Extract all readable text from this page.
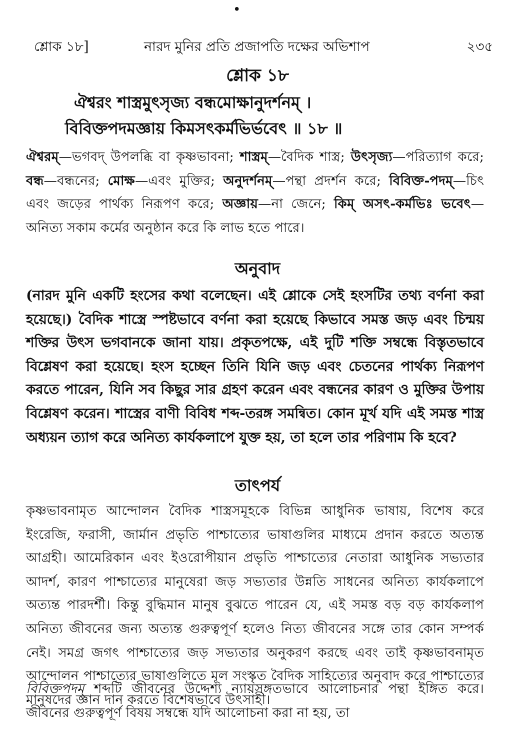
•
শ্লোক ১৮]	নারদ মুনির প্রতি প্রজাপতি দক্ষের অভিশাপ	২৩৫
শ্লোক ১৮
ঐশ্বরং শাস্ত্রমুৎসৃজ্য বন্ধমোক্ষানুদর্শনম্ ।
বিবিক্তপদমজ্ঞায় কিমসৎকর্মভির্ভবেৎ ॥ ১৮ ॥

ঐশ্বরম্—ভগবদ্ উপলব্ধি বা কৃষ্ণভাবনা; শাস্ত্রম্—বৈদিক শাস্ত্র; উৎসৃজ্য—পরিত্যাগ করে; বন্ধ—বন্ধনের; মোক্ষ—এবং মুক্তির; অনুদর্শনম্—পন্থা প্রদর্শন করে; বিবিক্ত-পদম্—চিৎ এবং জড়ের পার্থক্য নিরূপণ করে; অজ্ঞায়—না জেনে; কিম্ অসৎ-কর্মভিঃ ভবেৎ—অনিত্য সকাম কর্মের অনুষ্ঠান করে কি লাভ হতে পারে।

অনুবাদ

(নারদ মুনি একটি হংসের কথা বলেছেন। এই শ্লোকে সেই হংসটির তথ্য বর্ণনা করা হয়েছে।) বৈদিক শাস্ত্রে স্পষ্টভাবে বর্ণনা করা হয়েছে কিভাবে সমস্ত জড় এবং চিন্ময় শক্তির উৎস ভগবানকে জানা যায়। প্রকৃতপক্ষে, এই দুটি শক্তি সম্বন্ধে বিস্তৃতভাবে বিশ্লেষণ করা হয়েছে। হংস হচ্ছেন তিনি যিনি জড় এবং চেতনের পার্থক্য নিরূপণ করতে পারেন, যিনি সব কিছুর সার গ্রহণ করেন এবং বন্ধনের কারণ ও মুক্তির উপায় বিশ্লেষণ করেন। শাস্ত্রের বাণী বিবিধ শব্দ-তরঙ্গ সমন্বিত। কোন মূর্খ যদি এই সমস্ত শাস্ত্র অধ্যয়ন ত্যাগ করে অনিত্য কার্যকলাপে যুক্ত হয়, তা হলে তার পরিণাম কি হবে?

তাৎপর্য

কৃষ্ণভাবনামৃত আন্দোলন বৈদিক শাস্ত্রসমূহকে বিভিন্ন আধুনিক ভাষায়, বিশেষ করে ইংরেজি, ফরাসী, জার্মান প্রভৃতি পাশ্চাত্যের ভাষাগুলির মাধ্যমে প্রদান করতে অত্যন্ত আগ্রহী। আমেরিকান এবং ইওরোপীয়ান প্রভৃতি পাশ্চাত্যের নেতারা আধুনিক সভ্যতার আদর্শ, কারণ পাশ্চাত্যের মানুষেরা জড় সভ্যতার উন্নতি সাধনের অনিত্য কার্যকলাপে অত্যন্ত পারদর্শী। কিন্তু বুদ্ধিমান মানুষ বুঝতে পারেন যে, এই সমস্ত বড় বড় কার্যকলাপ অনিত্য জীবনের জন্য অত্যন্ত গুরুত্বপূর্ণ হলেও নিত্য জীবনের সঙ্গে তার কোন সম্পর্ক নেই। সমগ্র জগৎ পাশ্চাত্যের জড় সভ্যতার অনুকরণ করছে এবং তাই কৃষ্ণভাবনামৃত আন্দোলন পাশ্চাত্যের ভাষাগুলিতে মূল সংস্কৃত বৈদিক সাহিত্যের অনুবাদ করে পাশ্চাত্যের মানুষদের জ্ঞান দান করতে বিশেষভাবে উৎসাহী।

বিবিক্তপদম্ শব্দটি জীবনের উদ্দেশ্য ন্যায়সঙ্গতভাবে আলোচনার পন্থা ইঙ্গিত করে। জীবনের গুরুত্বপূর্ণ বিষয় সম্বন্ধে যদি আলোচনা করা না হয়, তা
